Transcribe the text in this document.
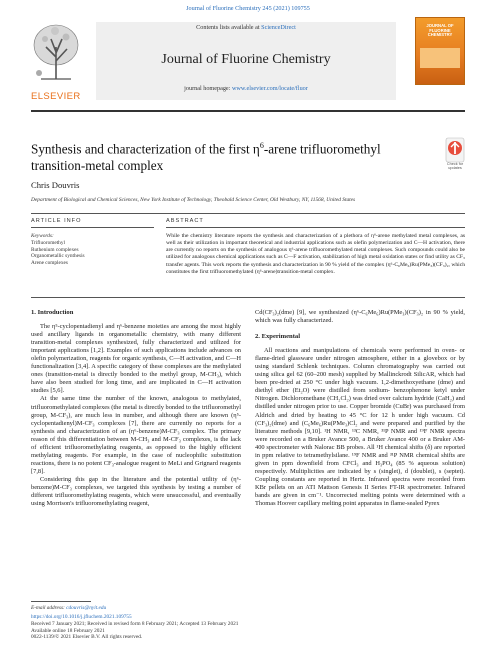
Journal of Fluorine Chemistry 245 (2021) 109755
ELSEVIER
Contents lists available at ScienceDirect
Journal of Fluorine Chemistry
journal homepage: www.elsevier.com/locate/fluor
JOURNAL OF FLUORINE CHEMISTRY
Synthesis and characterization of the first $\eta^6$-arene trifluoromethyl transition-metal complex	Check for updates
Chris Douvris
Department of Biological and Chemical Sciences, New York Institute of Technology, Theobald Science Center, Old Westbury, NY, 11568, United States
ARTICLE INFO	ABSTRACT
Keywords:
Trifluoromethyl
Ruthenium complexes
Organometallic synthesis
Arene complexes
While the chemistry literature reports the synthesis and characterization of a plethora of η⁶-arene methylated metal complexes, as well as their utilization in important theoretical and industrial applications such as olefin polymerization and C—H activation, there are currently no reports on the synthesis of analogous η⁶-arene trifluoromethylated metal complexes. Such compounds could also be utilized for analogous chemical applications such as C—F activation, stabilization of high metal oxidation states or find utility as CF₃ transfer agents. This work reports the synthesis and characterization in 90 % yield of the complex (η⁶-C₆Me₆)Ru(PMe₃)(CF₃)₂, which constitutes the first trifluoromethylated (η⁶-arene)transition-metal complex.
1. Introduction

The η⁵-cyclopentadienyl and η⁶-benzene moieties are among the most highly used ancillary ligands in organometallic chemistry, with many different transition-metal complexes synthesized, fully characterized and utilized for important applications [1,2]. Examples of such applications include advances on olefin polymerization, reagents for organic synthesis, C—H activation, and C—H functionalization [3,4]. A specific category of these complexes are the methylated ones (transition-metal is directly bonded to the methyl group, M-CH₃), which have also been studied for long time, and are implicated in C—H activation studies [5,6].

At the same time the number of the known, analogous to methylated, trifluoromethylated complexes (the metal is directly bonded to the trifluoromethyl group, M-CF₃), are much less in number, and although there are known (η⁵-cyclopentadienyl)M-CF₃ complexes [7], there are currently no reports for a synthesis and characterization of an (η⁶-benzene)M-CF₃ complex. The primary reason of this differentiation between M-CH₃ and M-CF₃ complexes, is the lack of efficient trifluoromethylating reagents, as opposed to the highly efficient methylating reagents. For example, in the case of nucleophilic substitution reactions, there is no potent CF₃-analogue reagent to MeLi and Grignard reagents [7,8].

Considering this gap in the literature and the potential utility of (η⁶-benzene)M-CF₃ complexes, we targeted this synthesis by testing a number of different trifluoromethylating reagents, which were unsuccessful, and eventually using Morrison's trifluoromethylating reagent,

Cd(CF₃)₂(dme) [9], we synthesized (η⁶-C₆Me₆)Ru(PMe₃)(CF₃)₂ in 90 % yield, which was fully characterized.

2. Experimental

All reactions and manipulations of chemicals were performed in oven- or flame-dried glassware under nitrogen atmosphere, either in a glovebox or by using standard Schlenk techniques. Column chromatography was carried out using silica gel 62 (60–200 mesh) supplied by Mallinckrodt SilicAR, which had been pre-dried at 250 °C under high vacuum. 1,2-dimethoxyethane (dme) and diethyl ether (Et₂O) were distilled from sodium- benzophenone ketyl under Nitrogen. Dichloromethane (CH₂Cl₂) was dried over calcium hydride (CaH₂) and distilled under nitrogen prior to use. Copper bromide (CuBr) was purchased from Aldrich and dried by heating to 45 °C for 12 h under high vacuum. Cd (CF₃)₂(dme) and (C₆Me₆)Ru(PMe₃)Cl₂ and were prepared and purified by the literature methods [9,10]. ¹H NMR, ¹³C NMR, ³¹P NMR and ¹⁹F NMR spectra were recorded on a Bruker Avance 500, a Bruker Avance 400 or a Bruker AM-400 spectrometer with Nalorac BB probes. All ¹H chemical shifts (δ) are reported in ppm relative to tetramethylsilane. ¹⁹F NMR and ³¹P NMR chemical shifts are given in ppm downfield from CFCl₃ and H₃PO₄ (85 % aqueous solution) respectively. Multiplicities are indicated by s (singlet), d (doublet), s (septet). Coupling constants are reported in Hertz. Infrared spectra were recorded from KBr pellets on an ATI Mattson Genesis II Series FT-IR spectrometer. Infrared bands are given in cm⁻¹. Uncorrected melting points were determined with a Thomas Hoover capillary melting point apparatus in flame-sealed Pyrex

E-mail address: cdouvris@nyit.edu
https://doi.org/10.1016/j.jfluchem.2021.109755
Received 7 January 2021; Received in revised form 8 February 2021; Accepted 13 February 2021
Available online 18 February 2021
0022-1139/© 2021 Elsevier B.V. All rights reserved.
